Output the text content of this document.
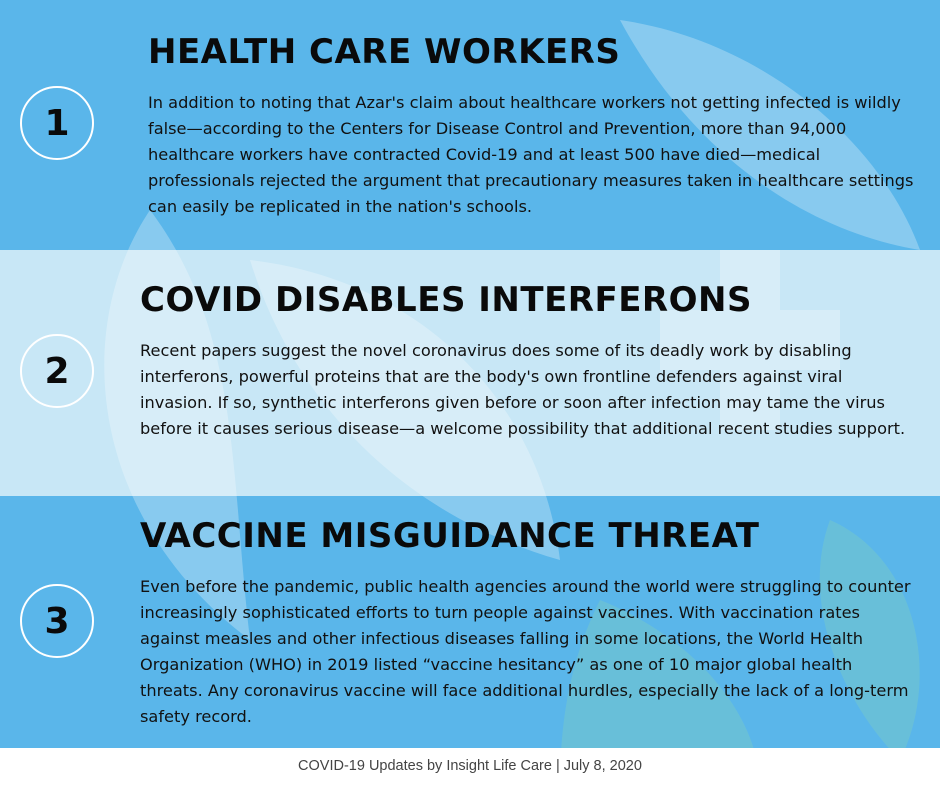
1
HEALTH CARE WORKERS

In addition to noting that Azar's claim about healthcare workers not getting infected is wildly false—according to the Centers for Disease Control and Prevention, more than 94,000 healthcare workers have contracted Covid-19 and at least 500 have died—medical professionals rejected the argument that precautionary measures taken in healthcare settings can easily be replicated in the nation's schools.

2
COVID DISABLES INTERFERONS

Recent papers suggest the novel coronavirus does some of its deadly work by disabling interferons, powerful proteins that are the body's own frontline defenders against viral invasion. If so, synthetic interferons given before or soon after infection may tame the virus before it causes serious disease—a welcome possibility that additional recent studies support.

3
VACCINE MISGUIDANCE THREAT

Even before the pandemic, public health agencies around the world were struggling to counter increasingly sophisticated efforts to turn people against vaccines. With vaccination rates against measles and other infectious diseases falling in some locations, the World Health Organization (WHO) in 2019 listed “vaccine hesitancy” as one of 10 major global health threats. Any coronavirus vaccine will face additional hurdles, especially the lack of a long-term safety record.

COVID-19 Updates by Insight Life Care | July 8, 2020
